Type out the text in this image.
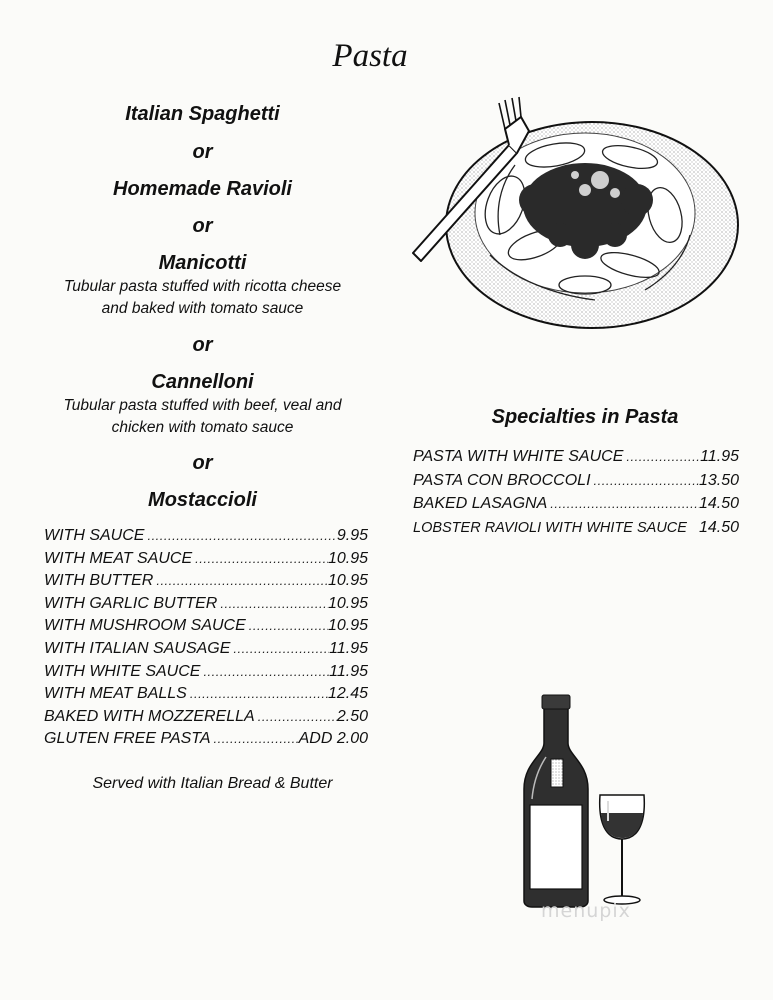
Pasta
Italian Spaghetti
or
Homemade Ravioli
or
Manicotti
Tubular pasta stuffed with ricotta cheese
and baked with tomato sauce
or
Cannelloni
Tubular pasta stuffed with beef, veal and
chicken with tomato sauce
or
Mostaccioli
WITH SAUCE .....	9.95
WITH MEAT SAUCE .....	10.95
WITH BUTTER .....	10.95
WITH GARLIC BUTTER .....	10.95
WITH MUSHROOM SAUCE .....	10.95
WITH ITALIAN SAUSAGE .....	11.95
WITH WHITE SAUCE .....	11.95
WITH MEAT BALLS .....	12.45
BAKED WITH MOZZERELLA .....	2.50
GLUTEN FREE PASTA .....	ADD 2.00
Served with Italian Bread & Butter
Specialties in Pasta
PASTA WITH WHITE SAUCE .....	11.95
PASTA CON BROCCOLI .....	13.50
BAKED LASAGNA .....	14.50
LOBSTER RAVIOLI WITH WHITE SAUCE 14.50
menupix
